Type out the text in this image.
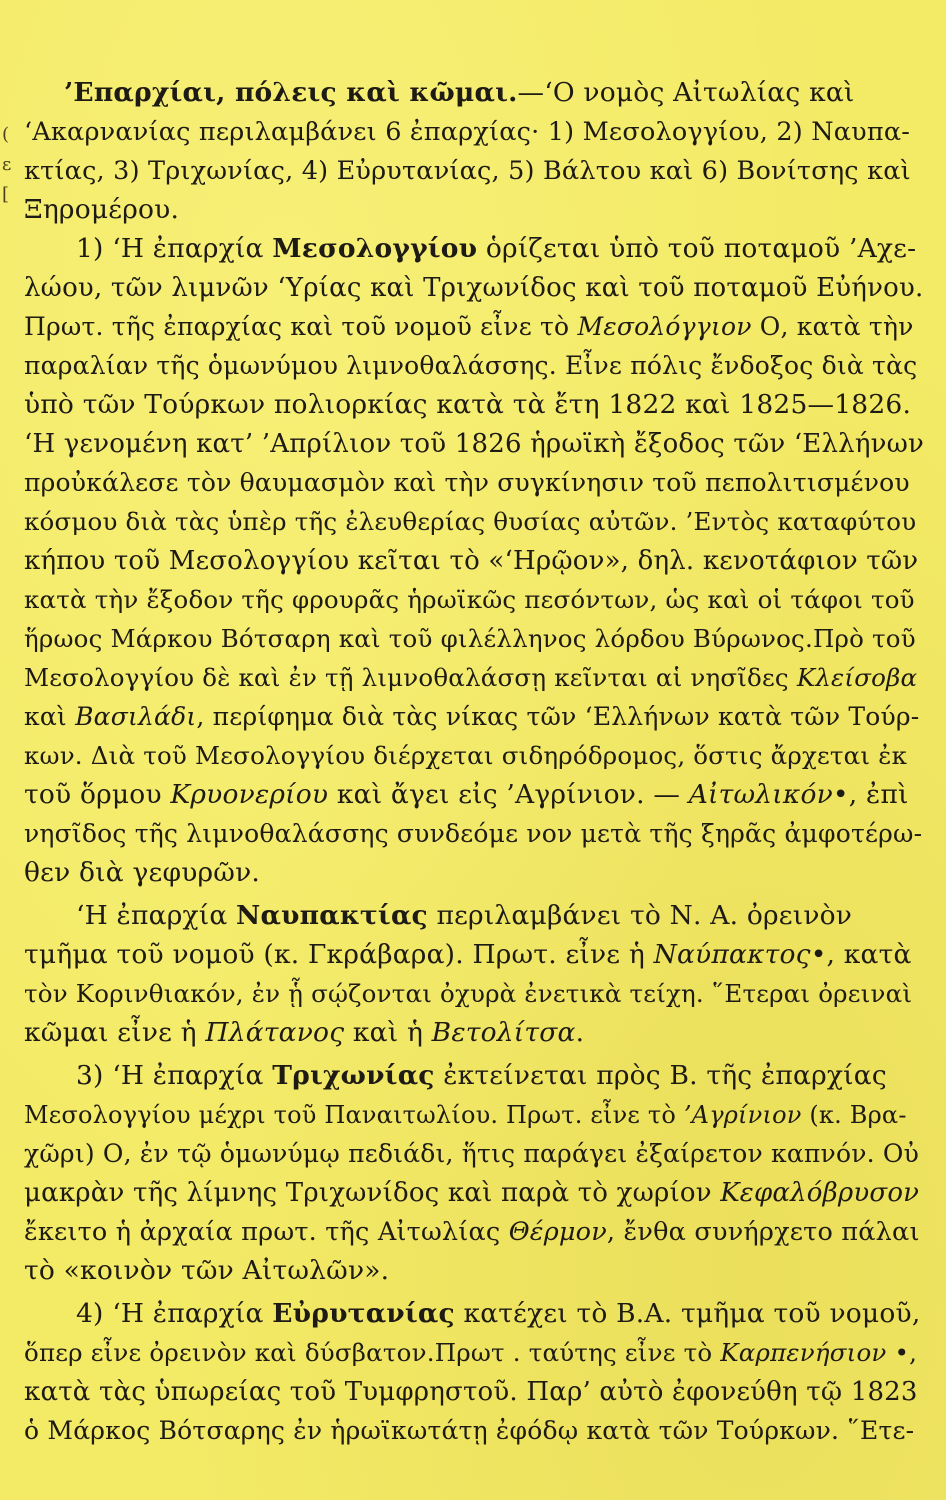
(
ε
[
’Επαρχίαι, πόλεις καὶ κῶμαι.—‘Ο νομὸς Αἰτωλίας καὶ
‘Ακαρνανίας περιλαμβάνει 6 ἐπαρχίας· 1) Μεσολογγίου, 2) Ναυπα-
κτίας, 3) Τριχωνίας, 4) Εὐρυτανίας, 5) Βάλτου καὶ 6) Βονίτσης καὶ
Ξηρομέρου.
1) ‘Η ἐπαρχία Μεσολογγίου ὁρίζεται ὑπὸ τοῦ ποταμοῦ ’Αχε-
λώου, τῶν λιμνῶν ‘Υρίας καὶ Τριχωνίδος καὶ τοῦ ποταμοῦ Εὐήνου.
Πρωτ. τῆς ἐπαρχίας καὶ τοῦ νομοῦ εἶνε τὸ Μεσολόγγιον Ο, κατὰ τὴν
παραλίαν τῆς ὁμωνύμου λιμνοθαλάσσης. Εἶνε πόλις ἔνδοξος διὰ τὰς
ὑπὸ τῶν Τούρκων πολιορκίας κατὰ τὰ ἔτη 1822 καὶ 1825—1826.
‘Η γενομένη κατ’ ’Απρίλιον τοῦ 1826 ἡρωϊκὴ ἔξοδος τῶν ‘Ελλήνων
προὐκάλεσε τὸν θαυμασμὸν καὶ τὴν συγκίνησιν τοῦ πεπολιτισμένου
κόσμου διὰ τὰς ὑπὲρ τῆς ἐλευθερίας θυσίας αὐτῶν. ’Εντὸς καταφύτου
κήπου τοῦ Μεσολογγίου κεῖται τὸ «‘Ηρῷον», δηλ. κενοτάφιον τῶν
κατὰ τὴν ἔξοδον τῆς φρουρᾶς ἡρωϊκῶς πεσόντων, ὡς καὶ οἱ τάφοι τοῦ
ἥρωος Μάρκου Βότσαρη καὶ τοῦ φιλέλληνος λόρδου Βύρωνος.Πρὸ τοῦ
Μεσολογγίου δὲ καὶ ἐν τῇ λιμνοθαλάσσῃ κεῖνται αἱ νησῖδες Κλείσοβα
καὶ Βασιλάδι, περίφημα διὰ τὰς νίκας τῶν ‘Ελλήνων κατὰ τῶν Τούρ-
κων. Διὰ τοῦ Μεσολογγίου διέρχεται σιδηρόδρομος, ὅστις ἄρχεται ἐκ
τοῦ ὅρμου Κρυονερίου καὶ ἄγει εἰς ’Αγρίνιον. — Αἰτωλικόν•, ἐπὶ
νησῖδος τῆς λιμνοθαλάσσης συνδεόμε νον μετὰ τῆς ξηρᾶς ἀμφοτέρω-
θεν διὰ γεφυρῶν.
‘Η ἐπαρχία Ναυπακτίας περιλαμβάνει τὸ Ν. Α. ὀρεινὸν
τμῆμα τοῦ νομοῦ (κ. Γκράβαρα). Πρωτ. εἶνε ἡ Ναύπακτος•, κατὰ
τὸν Κορινθιακόν, ἐν ᾗ σῴζονται ὀχυρὰ ἐνετικὰ τείχη. ῞Ετεραι ὀρειναὶ
κῶμαι εἶνε ἡ Πλάτανος καὶ ἡ Βετολίτσα.
3) ‘Η ἐπαρχία Τριχωνίας ἐκτείνεται πρὸς Β. τῆς ἐπαρχίας
Μεσολογγίου μέχρι τοῦ Παναιτωλίου. Πρωτ. εἶνε τὸ ’Αγρίνιον (κ. Βρα-
χῶρι) Ο, ἐν τῷ ὁμωνύμῳ πεδιάδι, ἥτις παράγει ἐξαίρετον καπνόν. Οὐ
μακρὰν τῆς λίμνης Τριχωνίδος καὶ παρὰ τὸ χωρίον Κεφαλόβρυσον
ἔκειτο ἡ ἀρχαία πρωτ. τῆς Αἰτωλίας Θέρμον, ἔνθα συνήρχετο πάλαι
τὸ «κοινὸν τῶν Αἰτωλῶν».
4) ‘Η ἐπαρχία Εὐρυτανίας κατέχει τὸ Β.Α. τμῆμα τοῦ νομοῦ,
ὅπερ εἶνε ὀρεινὸν καὶ δύσβατον.Πρωτ . ταύτης εἶνε τὸ Καρπενήσιον •,
κατὰ τὰς ὑπωρείας τοῦ Τυμφρηστοῦ. Παρ’ αὐτὸ ἐφονεύθη τῷ 1823
ὁ Μάρκος Βότσαρης ἐν ἡρωϊκωτάτῃ ἐφόδῳ κατὰ τῶν Τούρκων. ῞Ετε-
